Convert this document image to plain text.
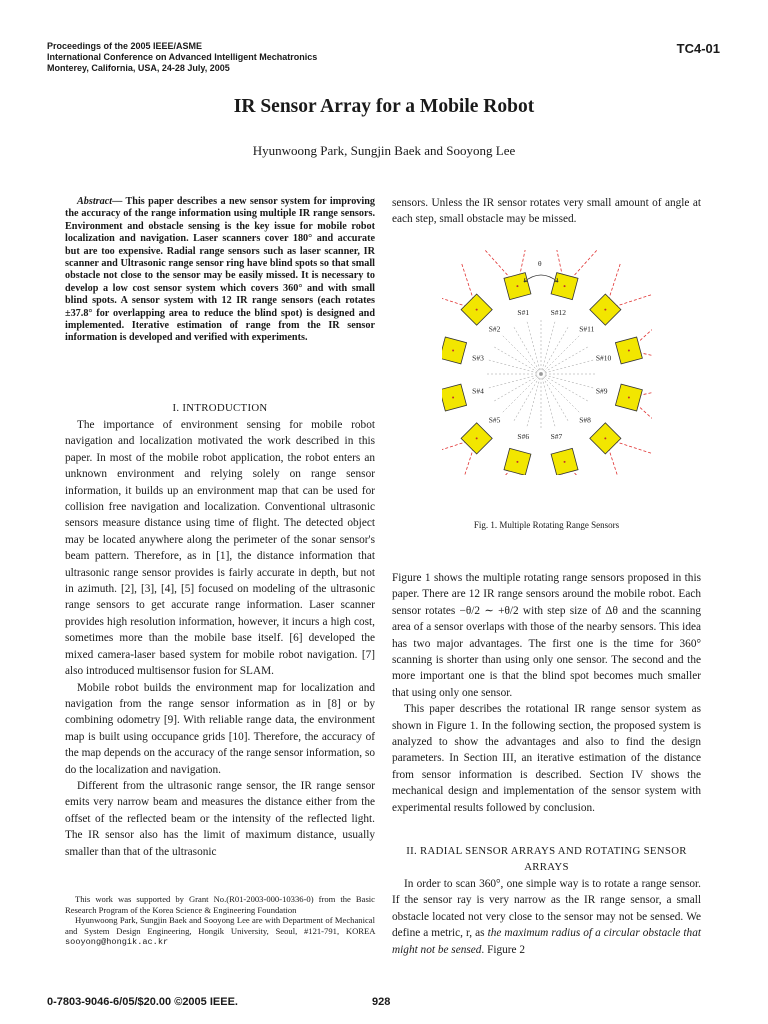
Proceedings of the 2005 IEEE/ASME
International Conference on Advanced Intelligent Mechatronics
Monterey, California, USA, 24-28 July, 2005
TC4-01
IR Sensor Array for a Mobile Robot
Hyunwoong Park, Sungjin Baek and Sooyong Lee
Abstract— This paper describes a new sensor system for improving the accuracy of the range information using multiple IR range sensors. Environment and obstacle sensing is the key issue for mobile robot localization and navigation. Laser scanners cover 180° and accurate but are too expensive. Radial range sensors such as laser scanner, IR scanner and Ultrasonic range sensor ring have blind spots so that small obstacle not close to the sensor may be easily missed. It is necessary to develop a low cost sensor system which covers 360° and with small blind spots. A sensor system with 12 IR range sensors (each rotates ±37.8° for overlapping area to reduce the blind spot) is designed and implemented. Iterative estimation of range from the IR sensor information is developed and verified with experiments.
I. INTRODUCTION

The importance of environment sensing for mobile robot navigation and localization motivated the work described in this paper. In most of the mobile robot application, the robot enters an unknown environment and relying solely on range sensor information, it builds up an environment map that can be used for collision free navigation and localization. Conventional ultrasonic sensors measure distance using time of flight. The detected object may be located anywhere along the perimeter of the sonar sensor's beam pattern. Therefore, as in [1], the distance information that ultrasonic range sensor provides is fairly accurate in depth, but not in azimuth. [2], [3], [4], [5] focused on modeling of the ultrasonic range sensors to get accurate range information. Laser scanner provides high resolution information, however, it incurs a high cost, sometimes more than the mobile base itself. [6] developed the mixed camera-laser based system for mobile robot navigation. [7] also introduced multisensor fusion for SLAM.

Mobile robot builds the environment map for localization and navigation from the range sensor information as in [8] or by combining odometry [9]. With reliable range data, the environment map is built using occupance grids [10]. Therefore, the accuracy of the map depends on the accuracy of the range sensor information, so do the localization and navigation.

Different from the ultrasonic range sensor, the IR range sensor emits very narrow beam and measures the distance either from the offset of the reflected beam or the intensity of the reflected light. The IR sensor also has the limit of maximum distance, usually smaller than that of the ultrasonic

This work was supported by Grant No.(R01-2003-000-10336-0) from the Basic Research Program of the Korea Science & Engineering Foundation

Hyunwoong Park, Sungjin Baek and Sooyong Lee are with Department of Mechanical and System Design Engineering, Hongik University, Seoul, #121-791, KOREA sooyong@hongik.ac.kr

sensors. Unless the IR sensor rotates very small amount of angle at each step, small obstacle may be missed.

S#1
S#2
S#3
S#4
S#5
S#6	S#7
S#8
S#9
S#10
S#11
S#12
θ
Fig. 1. Multiple Rotating Range Sensors

Figure 1 shows the multiple rotating range sensors proposed in this paper. There are 12 IR range sensors around the mobile robot. Each sensor rotates −θ/2 ∼ +θ/2 with step size of Δθ and the scanning area of a sensor overlaps with those of the nearby sensors. This idea has two major advantages. The first one is the time for 360° scanning is shorter than using only one sensor. The second and the more important one is that the blind spot becomes much smaller that using only one sensor.

This paper describes the rotational IR range sensor system as shown in Figure 1. In the following section, the proposed system is analyzed to show the advantages and also to find the design parameters. In Section III, an iterative estimation of the distance from sensor information is described. Section IV shows the mechanical design and implementation of the sensor system with experimental results followed by conclusion.

II. RADIAL SENSOR ARRAYS AND ROTATING SENSOR ARRAYS

In order to scan 360°, one simple way is to rotate a range sensor. If the sensor ray is very narrow as the IR range sensor, a small obstacle located not very close to the sensor may not be sensed. We define a metric, r, as the maximum radius of a circular obstacle that might not be sensed. Figure 2

0-7803-9046-6/05/$20.00 ©2005 IEEE.	928
